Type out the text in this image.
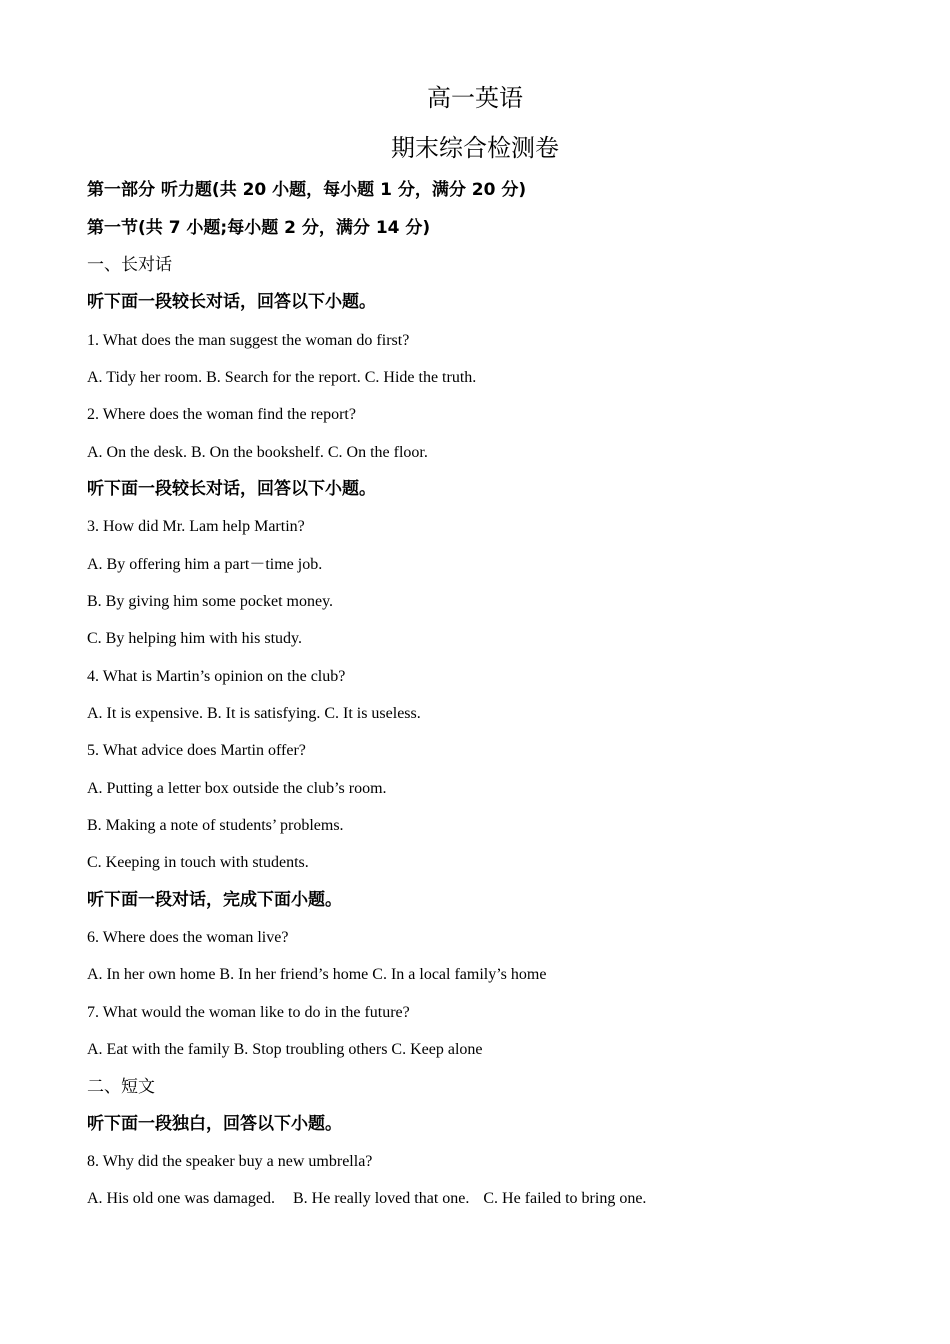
高一英语
期末综合检测卷
第一部分 听力题(共 20 小题，每小题 1 分，满分 20 分)
第一节(共 7 小题;每小题 2 分，满分 14 分)
一、长对话
听下面一段较长对话，回答以下小题。
1. What does the man suggest the woman do first?
A. Tidy her room. B. Search for the report. C. Hide the truth.
2. Where does the woman find the report?
A. On the desk. B. On the bookshelf. C. On the floor.
听下面一段较长对话，回答以下小题。
3. How did Mr. Lam help Martin?
A. By offering him a part－time job.
B. By giving him some pocket money.
C. By helping him with his study.
4. What is Martin’s opinion on the club?
A. It is expensive. B. It is satisfying. C. It is useless.
5. What advice does Martin offer?
A. Putting a letter box outside the club’s room.
B. Making a note of students’ problems.
C. Keeping in touch with students.
听下面一段对话，完成下面小题。
6. Where does the woman live?
A. In her own home B. In her friend’s home C. In a local family’s home
7. What would the woman like to do in the future?
A. Eat with the family B. Stop troubling others C. Keep alone
二、短文
听下面一段独白，回答以下小题。
8. Why did the speaker buy a new umbrella?
A. His old one was damaged. B. He really loved that one. C. He failed to bring one.
